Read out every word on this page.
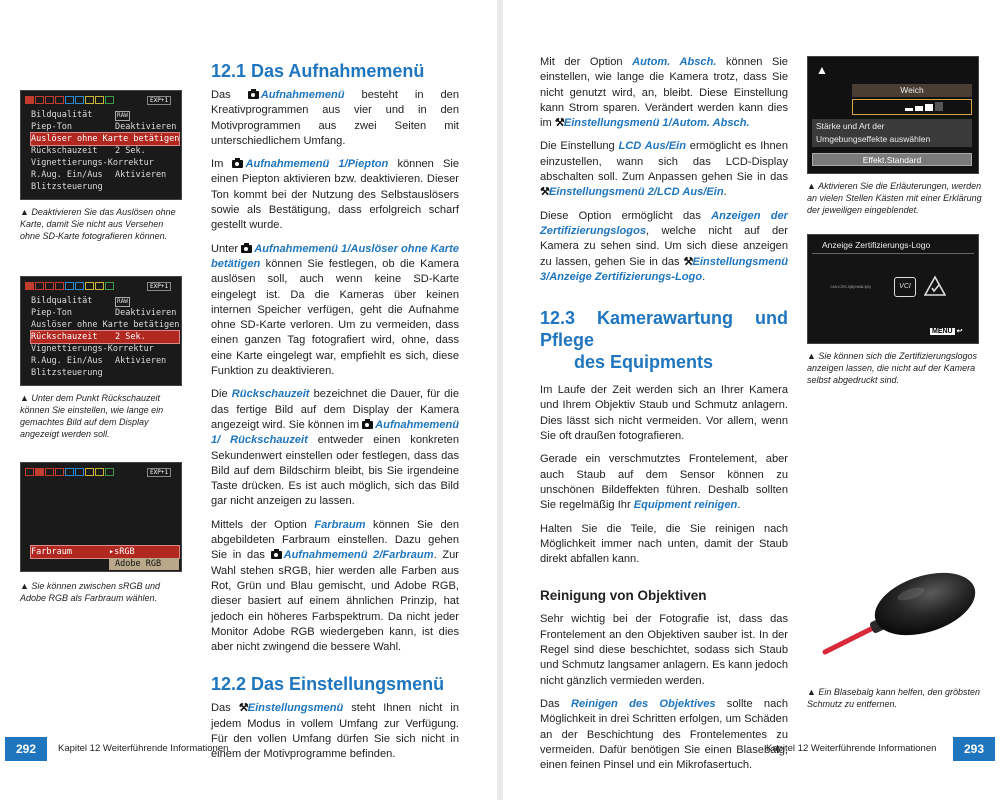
EXP+1
Bildqualität	RAW
Piep-Ton	Deaktivieren
Auslöser ohne Karte betätigen
Rückschauzeit 2 Sek.
Vignettierungs-Korrektur
R.Aug. Ein/Aus Aktivieren
Blitzsteuerung
▲ Deaktivieren Sie das Auslösen ohne Karte, damit Sie nicht aus Versehen ohne SD-Karte fotografieren können.
EXP+1
Bildqualität	RAW
Piep-Ton	Deaktivieren
Auslöser ohne Karte betätigen
Rückschauzeit 2 Sek.
Vignettierungs-Korrektur
R.Aug. Ein/Aus Aktivieren
Blitzsteuerung
▲ Unter dem Punkt Rückschauzeit können Sie einstellen, wie lange ein gemachtes Bild auf dem Display angezeigt werden soll.
EXP+1
Farbraum	▸sRGB
Adobe RGB
▲ Sie können zwischen sRGB und Adobe RGB als Farbraum wählen.
12.1 Das Aufnahmemenü

Das	Aufnahmemenü besteht in den Kreativprogrammen aus vier und in den Motivprogrammen aus zwei Seiten mit unterschiedlichem Umfang.

Im Aufnahmemenü 1/Piepton können Sie einen Piepton aktivieren bzw. deaktivieren. Dieser Ton kommt bei der Nutzung des Selbstauslösers sowie als Bestätigung, dass erfolgreich scharf gestellt wurde.

Unter Aufnahmemenü 1/Auslöser ohne Karte betätigen können Sie festlegen, ob die Kamera auslösen soll, auch wenn keine SD-Karte eingelegt ist. Da die Kameras über keinen internen Speicher verfügen, geht die Aufnahme ohne SD-Karte verloren. Um zu vermeiden, dass einen ganzen Tag fotografiert wird, ohne, dass eine Karte eingelegt war, empfiehlt es sich, diese Funktion zu deaktivieren.

Die Rückschauzeit bezeichnet die Dauer, für die das fertige Bild auf dem Display der Kamera angezeigt wird. Sie können im Aufnahmemenü 1/ Rückschauzeit entweder einen konkreten Sekundenwert einstellen oder festlegen, dass das Bild auf dem Bildschirm bleibt, bis Sie irgendeine Taste drücken. Es ist auch möglich, sich das Bild gar nicht anzeigen zu lassen.

Mittels der Option Farbraum können Sie den abgebildeten Farbraum einstellen. Dazu gehen Sie in das Aufnahmemenü 2/Farbraum. Zur Wahl stehen sRGB, hier werden alle Farben aus Rot, Grün und Blau gemischt, und Adobe RGB, dieser basiert auf einem ähnlichen Prinzip, hat jedoch ein höheres Farbspektrum. Da nicht jeder Monitor Adobe RGB wiedergeben kann, ist dies aber nicht zwingend die bessere Wahl.

12.2 Das Einstellungsmenü

Das ⚒Einstellungsmenü steht Ihnen nicht in jedem Modus in vollem Umfang zur Verfügung. Für den vollen Umfang dürfen Sie sich nicht in einem der Motivprogramme befinden.

292	Kapitel 12 Weiterführende Informationen

Mit der Option Autom. Absch. können Sie einstellen, wie lange die Kamera trotz, dass Sie nicht genutzt wird, an, bleibt. Diese Einstellung kann Strom sparen. Verändert werden kann dies im ⚒Einstellungsmenü 1/Autom. Absch.

Die Einstellung LCD Aus/Ein ermöglicht es Ihnen einzustellen, wann sich das LCD-Display abschalten soll. Zum Anpassen gehen Sie in das ⚒Einstellungsmenü 2/LCD Aus/Ein.

Diese Option ermöglicht das Anzeigen der Zertifizierungslogos, welche nicht auf der Kamera zu sehen sind. Um sich diese anzeigen zu lassen, gehen Sie in das ⚒Einstellungsmenü 3/Anzeige Zertifizierungs-Logo.

12.3 Kamerawartung und Pflege
des Equipments

Im Laufe der Zeit werden sich an Ihrer Kamera und Ihrem Objektiv Staub und Schmutz anlagern. Dies lässt sich nicht vermeiden. Vor allem, wenn Sie oft draußen fotografieren.

Gerade ein verschmutztes Frontelement, aber auch Staub auf dem Sensor können zu unschönen Bildeffekten führen. Deshalb sollten Sie regelmäßig Ihr Equipment reinigen.

Halten Sie die Teile, die Sie reinigen nach Möglichkeit immer nach unten, damit der Staub direkt abfallen kann.

Reinigung von Objektiven

Sehr wichtig bei der Fotografie ist, dass das Frontelement an den Objektiven sauber ist. In der Regel sind diese beschichtet, sodass sich Staub und Schmutz langsamer anlagern. Es kann jedoch nicht gänzlich vermieden werden.

Das Reinigen des Objektives sollte nach Möglichkeit in drei Schritten erfolgen, um Schäden an der Beschichtung des Frontelementes zu vermeiden. Dafür benötigen Sie einen Blasebalg, einen feinen Pinsel und ein Mikrofasertuch.

▲
Weich
Stärke und Art der
Umgebungseffekte auswählen
Effekt.Standard
▲ Aktivieren Sie die Erläuterungen, werden an vielen Stellen Kästen mit einer Erklärung der jeweiligen eingeblendet.
Anzeige Zertifizierungs-Logo
CAN ICES-3(B)/NMB-3(B)	VCI
MENU ↩
▲ Sie können sich die Zertifizierungslogos anzeigen lassen, die nicht auf der Kamera selbst abgedruckt sind.
▲ Ein Blasebalg kann helfen, den gröbsten Schmutz zu entfernen.
Kapitel 12 Weiterführende Informationen	293
